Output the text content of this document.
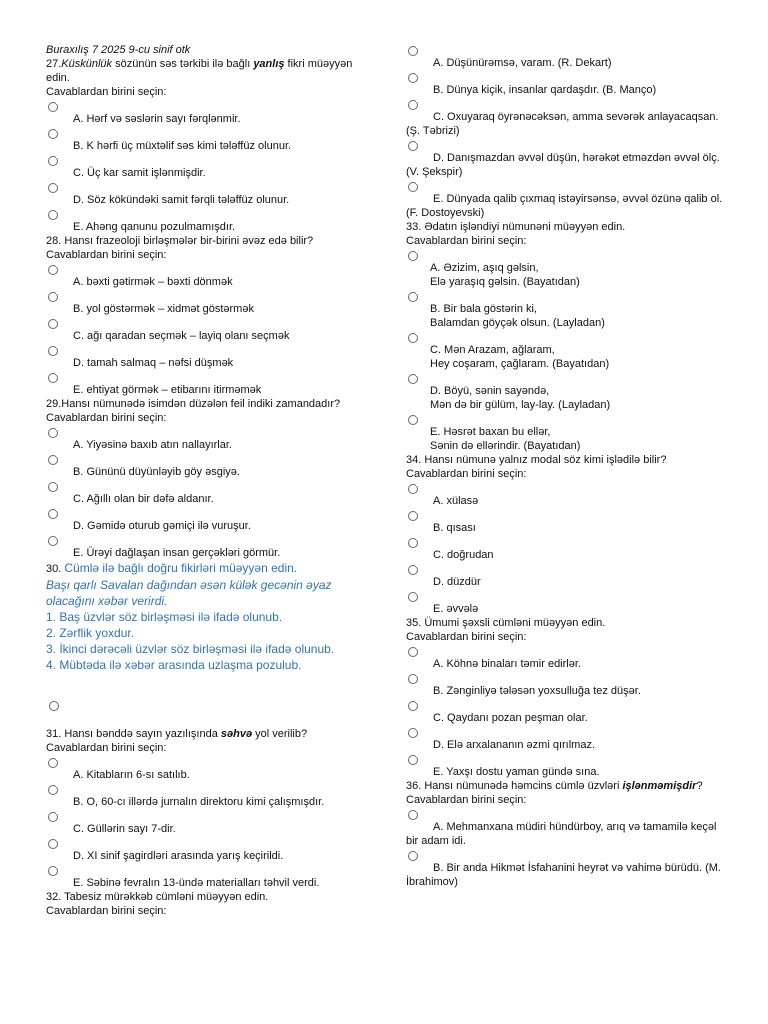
Buraxılış 7 2025 9-cu sinif otk
27.Küskünlük sözünün səs tərkibi ilə bağlı yanlış fikri müəyyən edin.
Cavablardan birini seçin:
A. Hərf və səslərin sayı fərqlənmir.
B. K hərfi üç müxtəlif səs kimi tələffüz olunur.
C. Üç kar samit işlənmişdir.
D. Söz kökündəki samit fərqli tələffüz olunur.
E. Ahəng qanunu pozulmamışdır.
28. Hansı frazeoloji birləşmələr bir-birini əvəz edə bilir?
Cavablardan birini seçin:
A. bəxti gətirmək – bəxti dönmək
B. yol göstərmək – xidmət göstərmək
C. ağı qaradan seçmək – layiq olanı seçmək
D. tamah salmaq – nəfsi düşmək
E. ehtiyat görmək – etibarını itirməmək
29.Hansı nümunədə isimdən düzələn feil indiki zamandadır?
Cavablardan birini seçin:
A. Yiyəsinə baxıb atın nallayırlar.
B. Gününü düyünləyib göy əsgiyə.
C. Ağıllı olan bir dəfə aldanır.
D. Gəmidə oturub gəmiçi ilə vuruşur.
E. Ürəyi dağlaşan insan gerçəkləri görmür.
30. Cümlə ilə bağlı doğru fikirləri müəyyən edin.
Başı qarlı Savalan dağından əsən külək gecənin əyaz olacağını xəbər verirdi.
1. Baş üzvlər söz birləşməsi ilə ifadə olunub.
2. Zərflik yoxdur.
3. İkinci dərəcəli üzvlər söz birləşməsi ilə ifadə olunub.
4. Mübtəda ilə xəbər arasında uzlaşma pozulub.
31. Hansı bənddə sayın yazılışında səhvə yol verilib?
Cavablardan birini seçin:
A. Kitabların 6-sı satılıb.
B. O, 60-cı illərdə jurnalın direktoru kimi çalışmışdır.
C. Güllərin sayı 7-dir.
D. XI sinif şagirdləri arasında yarış keçirildi.
E. Səbinə fevralın 13-ündə materialları təhvil verdi.
32. Tabesiz mürəkkəb cümləni müəyyən edin.
Cavablardan birini seçin:
A. Düşünürəmsə, varam. (R. Dekart)
B. Dünya kiçik, insanlar qardaşdır. (B. Manço)
C. Oxuyaraq öyrənəcəksən, amma sevərək anlayacaqsan. (Ş. Təbrizi)
D. Danışmazdan əvvəl düşün, hərəkət etməzdən əvvəl ölç. (V. Şekspir)
E. Dünyada qalib çıxmaq istəyirsənsə, əvvəl özünə qalib ol. (F. Dostoyevski)
33. Ədatın işləndiyi nümunəni müəyyən edin.
Cavablardan birini seçin:
A. Əzizim, aşıq gəlsin,
Elə yaraşıq gəlsin. (Bayatıdan)
B. Bir bala göstərin ki,
Balamdan göyçək olsun. (Layladan)
C. Mən Arazam, ağlaram,
Hey coşaram, çağlaram. (Bayatıdan)
D. Böyü, sənin sayəndə,
Mən də bir gülüm, lay-lay. (Layladan)
E. Həsrət baxan bu ellər,
Sənin də ellərindir. (Bayatıdan)
34. Hansı nümunə yalnız modal söz kimi işlədilə bilir?
Cavablardan birini seçin:
A. xülasə
B. qısası
C. doğrudan
D. düzdür
E. əvvələ
35. Ümumi şəxsli cümləni müəyyən edin.
Cavablardan birini seçin:
A. Köhnə binaları təmir edirlər.
B. Zənginliyə tələsən yoxsulluğa tez düşər.
C. Qaydanı pozan peşman olar.
D. Elə arxalananın əzmi qırılmaz.
E. Yaxşı dostu yaman gündə sına.
36. Hansı nümunədə həmcins cümlə üzvləri işlənməmişdir?
Cavablardan birini seçin:
A. Mehmanxana müdiri hündürboy, arıq və tamamilə keçəl bir adam idi.
B. Bir anda Hikmət İsfahanini heyrət və vahimə bürüdü. (M. İbrahimov)
